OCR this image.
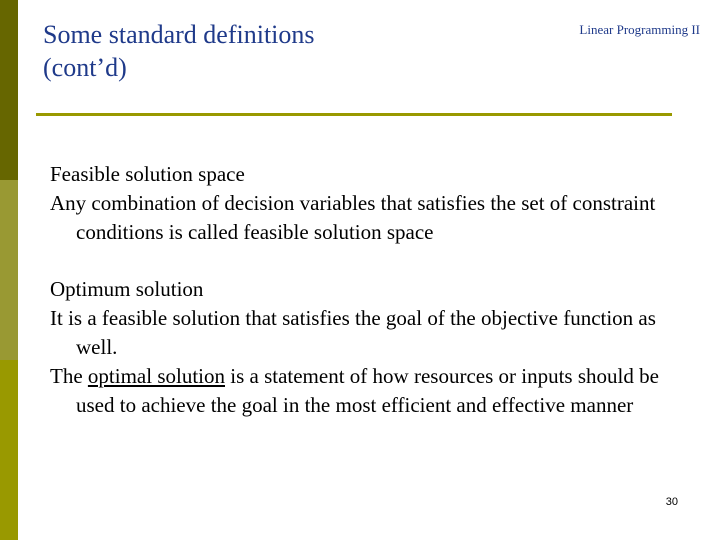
Some standard definitions
(cont’d)
Linear Programming II
Feasible solution space
Any combination of decision variables that satisfies the set of constraint conditions is called feasible solution space
Optimum solution
It is a feasible solution that satisfies the goal of the objective function as well.
The optimal solution is a statement of how resources or inputs should be used to achieve the goal in the most efficient and effective manner
30
